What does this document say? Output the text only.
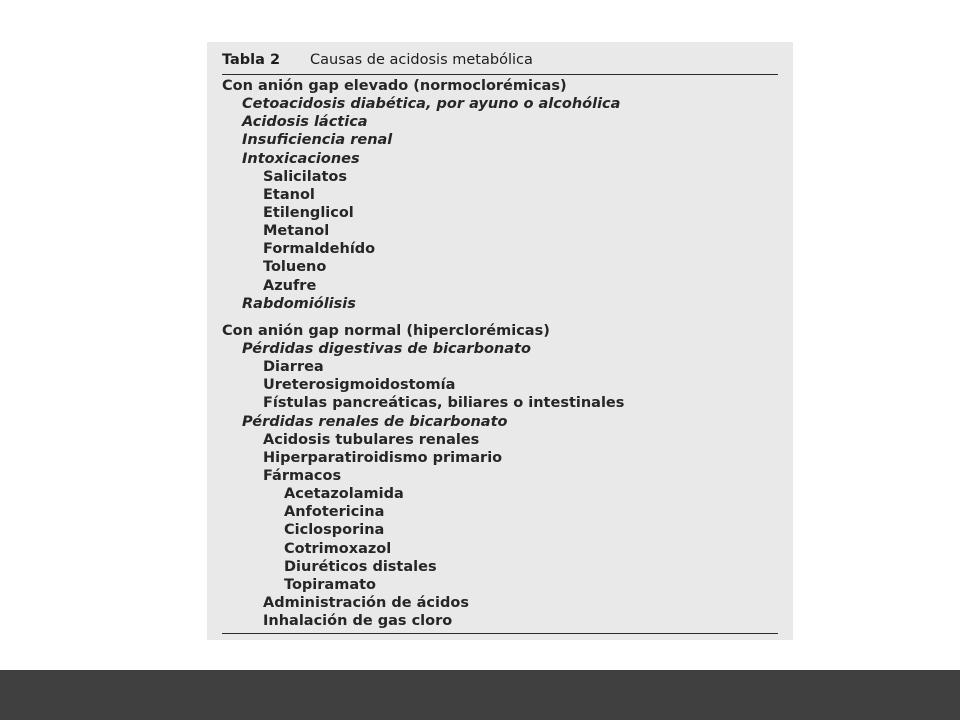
Tabla 2 Causas de acidosis metabólica
Con anión gap elevado (normoclorémicas)
Cetoacidosis diabética, por ayuno o alcohólica
Acidosis láctica
Insuficiencia renal
Intoxicaciones
Salicilatos
Etanol
Etilenglicol
Metanol
Formaldehído
Tolueno
Azufre
Rabdomiólisis
Con anión gap normal (hiperclorémicas)
Pérdidas digestivas de bicarbonato
Diarrea
Ureterosigmoidostomía
Fístulas pancreáticas, biliares o intestinales
Pérdidas renales de bicarbonato
Acidosis tubulares renales
Hiperparatiroidismo primario
Fármacos
Acetazolamida
Anfotericina
Ciclosporina
Cotrimoxazol
Diuréticos distales
Topiramato
Administración de ácidos
Inhalación de gas cloro
